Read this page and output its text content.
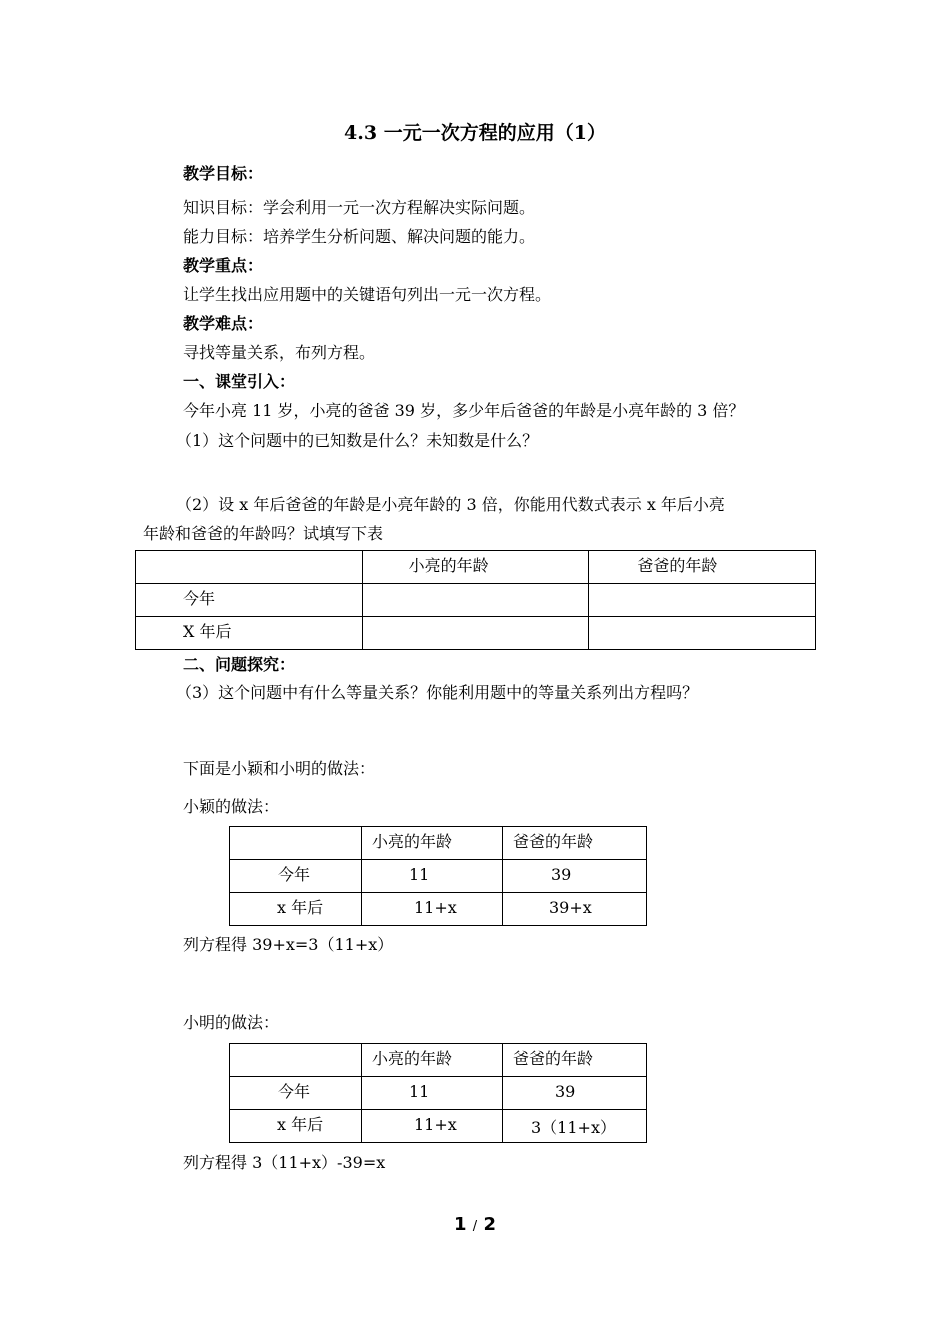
4.3 一元一次方程的应用（1）
教学目标：
知识目标：学会利用一元一次方程解决实际问题。
能力目标：培养学生分析问题、解决问题的能力。
教学重点：
让学生找出应用题中的关键语句列出一元一次方程。
教学难点：
寻找等量关系，布列方程。
一、课堂引入：
今年小亮 11 岁，小亮的爸爸 39 岁，多少年后爸爸的年龄是小亮年龄的 3 倍？
（1）这个问题中的已知数是什么？未知数是什么？
（2）设 x 年后爸爸的年龄是小亮年龄的 3 倍，你能用代数式表示 x 年后小亮
年龄和爸爸的年龄吗？试填写下表

	小亮的年龄	爸爸的年龄

今年		

X 年后		

二、问题探究：
（3）这个问题中有什么等量关系？你能利用题中的等量关系列出方程吗？
下面是小颖和小明的做法：
小颖的做法：

	小亮的年龄	爸爸的年龄

今年	11	39

x 年后	11+x	39+x
列方程得 39+x=3（11+x）
小明的做法：

	小亮的年龄	爸爸的年龄

今年	11	39

x 年后	11+x	3（11+x）
列方程得 3（11+x）-39=x
1 / 2
